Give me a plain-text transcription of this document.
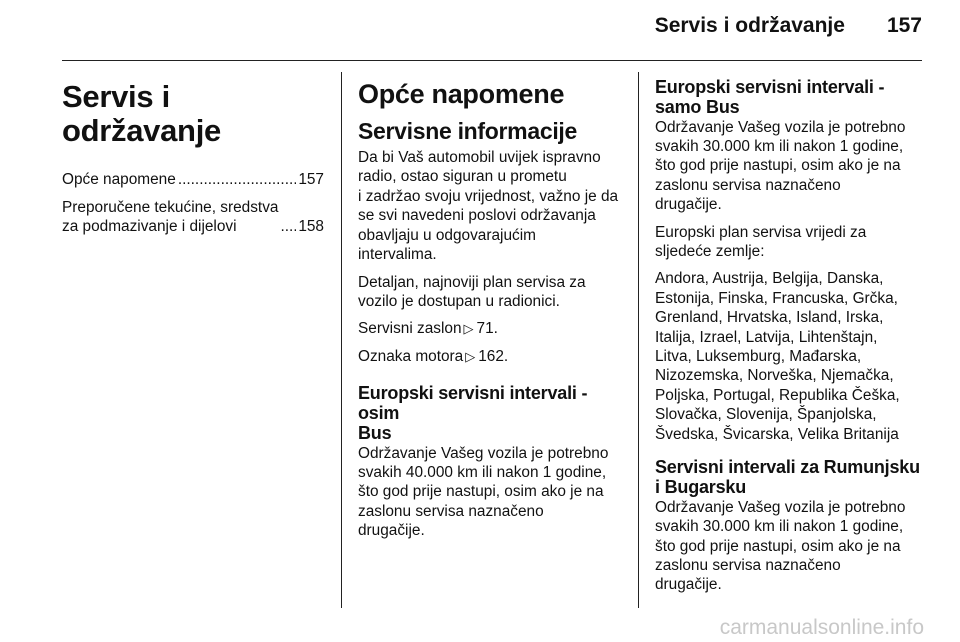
Servis i održavanje 157
Servis i održavanje
Opće napomene .....	157
Preporučene tekućine, sredstva
za podmazivanje i dijelovi .....	158
Opće napomene
Servisne informacije

Da bi Vaš automobil uvijek ispravno
radio, ostao siguran u prometu
i zadržao svoju vrijednost, važno je da
se svi navedeni poslovi održavanja
obavljaju u odgovarajućim
intervalima.

Detaljan, najnoviji plan servisa za
vozilo je dostupan u radionici.

Servisni zaslon ▷ 71.

Oznaka motora ▷ 162.

Europski servisni intervali - osim
Bus

Održavanje Vašeg vozila je potrebno
svakih 40.000 km ili nakon 1 godine,
što god prije nastupi, osim ako je na
zaslonu servisa naznačeno
drugačije.

Europski servisni intervali -
samo Bus

Održavanje Vašeg vozila je potrebno
svakih 30.000 km ili nakon 1 godine,
što god prije nastupi, osim ako je na
zaslonu servisa naznačeno
drugačije.

Europski plan servisa vrijedi za
sljedeće zemlje:

Andora, Austrija, Belgija, Danska,
Estonija, Finska, Francuska, Grčka,
Grenland, Hrvatska, Island, Irska,
Italija, Izrael, Latvija, Lihtenštajn,
Litva, Luksemburg, Mađarska,
Nizozemska, Norveška, Njemačka,
Poljska, Portugal, Republika Češka,
Slovačka, Slovenija, Španjolska,
Švedska, Švicarska, Velika Britanija

Servisni intervali za Rumunjsku
i Bugarsku

Održavanje Vašeg vozila je potrebno
svakih 30.000 km ili nakon 1 godine,
što god prije nastupi, osim ako je na
zaslonu servisa naznačeno
drugačije.

carmanualsonline.info
